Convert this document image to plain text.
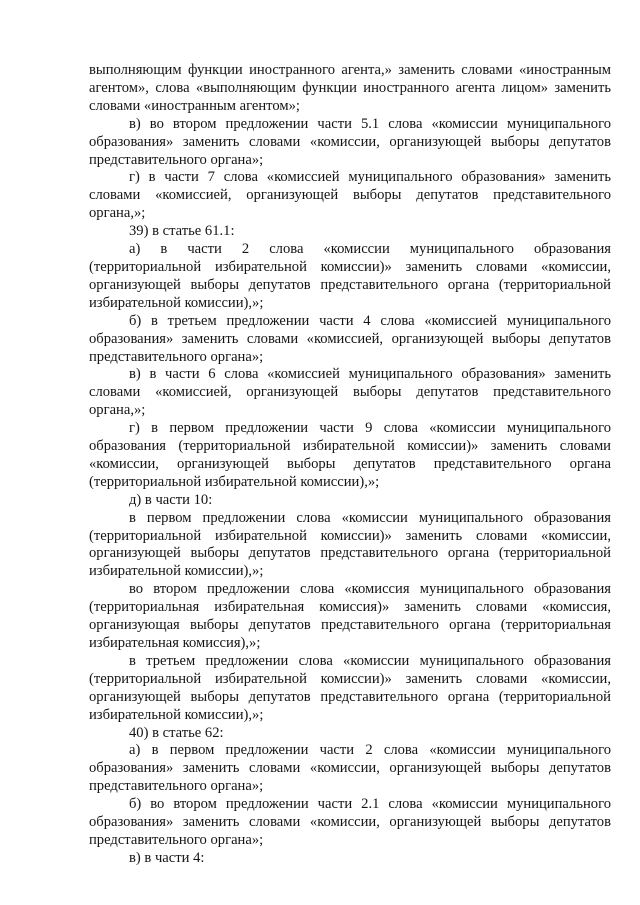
выполняющим функции иностранного агента,» заменить словами «иностранным агентом», слова «выполняющим функции иностранного агента лицом» заменить словами «иностранным агентом»;

в) во втором предложении части 5.1 слова «комиссии муниципального образования» заменить словами «комиссии, организующей выборы депутатов представительного органа»;

г) в части 7 слова «комиссией муниципального образования» заменить словами «комиссией, организующей выборы депутатов представительного органа,»;

39) в статье 61.1:

а) в части 2 слова «комиссии муниципального образования (территориальной избирательной комиссии)» заменить словами «комиссии, организующей выборы депутатов представительного органа (территориальной избирательной комиссии),»;

б) в третьем предложении части 4 слова «комиссией муниципального образования» заменить словами «комиссией, организующей выборы депутатов представительного органа»;

в) в части 6 слова «комиссией муниципального образования» заменить словами «комиссией, организующей выборы депутатов представительного органа,»;

г) в первом предложении части 9 слова «комиссии муниципального образования (территориальной избирательной комиссии)» заменить словами «комиссии, организующей выборы депутатов представительного органа (территориальной избирательной комиссии),»;

д) в части 10:

в первом предложении слова «комиссии муниципального образования (территориальной избирательной комиссии)» заменить словами «комиссии, организующей выборы депутатов представительного органа (территориальной избирательной комиссии),»;

во втором предложении слова «комиссия муниципального образования (территориальная избирательная комиссия)» заменить словами «комиссия, организующая выборы депутатов представительного органа (территориальная избирательная комиссия),»;

в третьем предложении слова «комиссии муниципального образования (территориальной избирательной комиссии)» заменить словами «комиссии, организующей выборы депутатов представительного органа (территориальной избирательной комиссии),»;

40) в статье 62:

а) в первом предложении части 2 слова «комиссии муниципального образования» заменить словами «комиссии, организующей выборы депутатов представительного органа»;

б) во втором предложении части 2.1 слова «комиссии муниципального образования» заменить словами «комиссии, организующей выборы депутатов представительного органа»;

в) в части 4:
